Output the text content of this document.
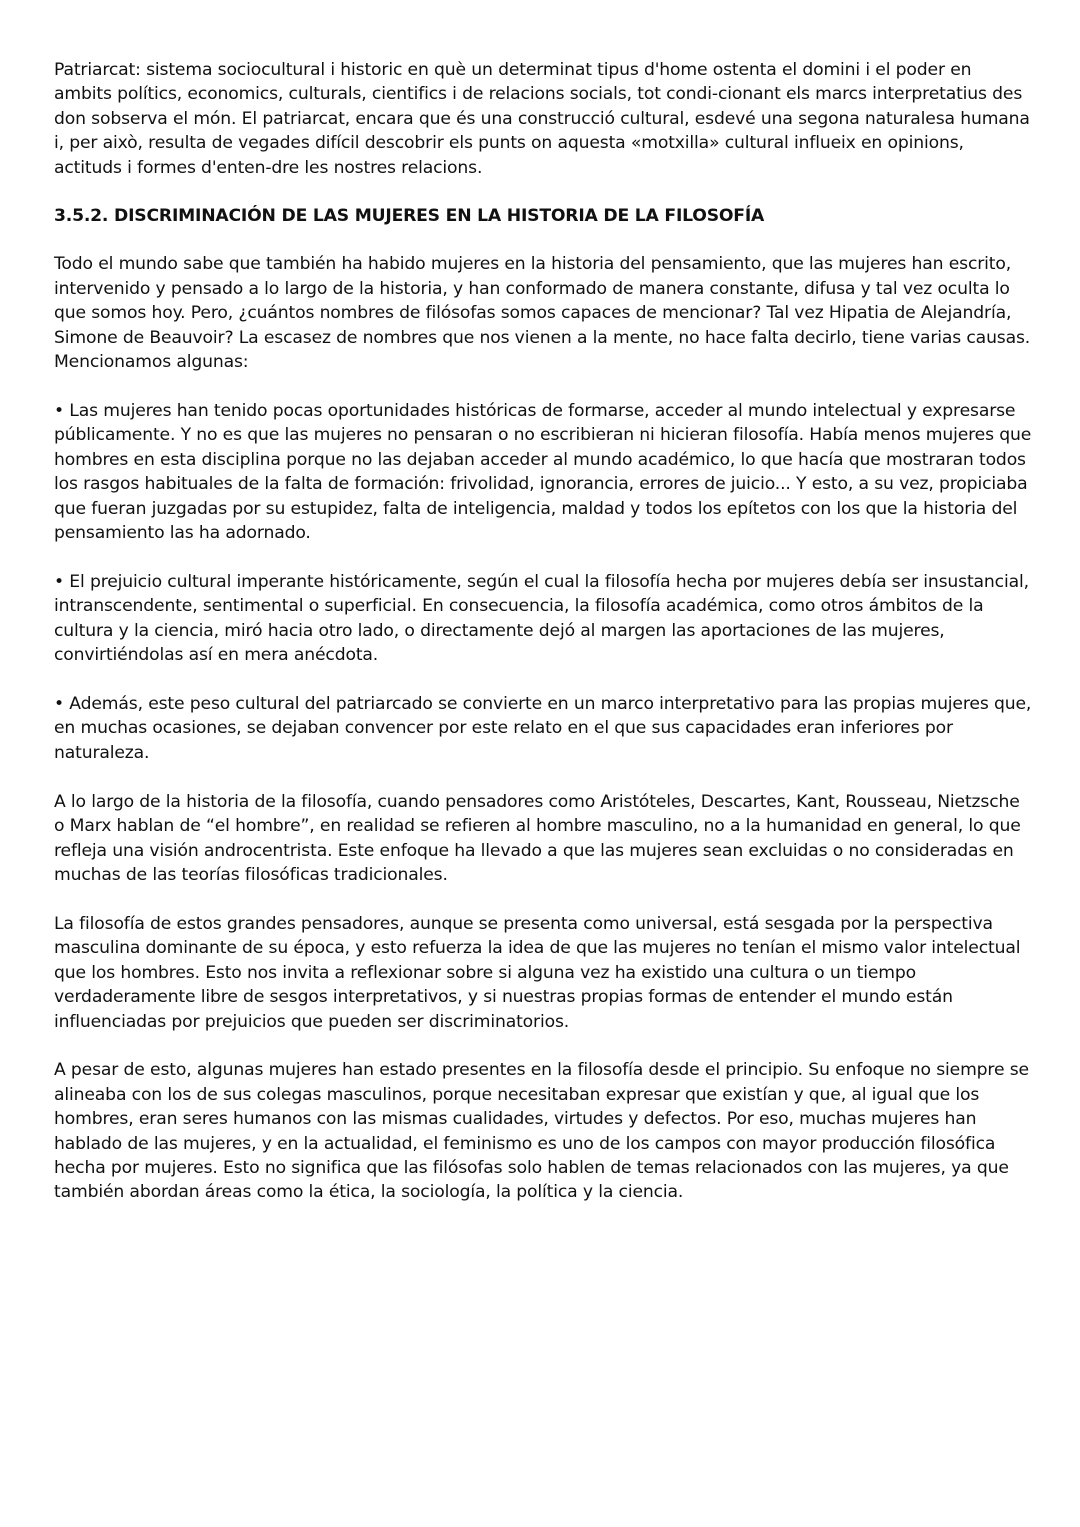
Patriarcat: sistema sociocultural i historic en què un determinat tipus d'home ostenta el domini i el poder en ambits polítics, economics, culturals, cientifics i de relacions socials, tot condi-cionant els marcs interpretatius des don sobserva el món. El patriarcat, encara que és una construcció cultural, esdevé una segona naturalesa humana i, per això, resulta de vegades difícil descobrir els punts on aquesta «motxilla» cultural influeix en opinions, actituds i formes d'enten-dre les nostres relacions.

3.5.2. DISCRIMINACIÓN DE LAS MUJERES EN LA HISTORIA DE LA FILOSOFÍA

Todo el mundo sabe que también ha habido mujeres en la historia del pensamiento, que las mujeres han escrito, intervenido y pensado a lo largo de la historia, y han conformado de manera constante, difusa y tal vez oculta lo que somos hoy. Pero, ¿cuántos nombres de filósofas somos capaces de mencionar? Tal vez Hipatia de Alejandría, Simone de Beauvoir? La escasez de nombres que nos vienen a la mente, no hace falta decirlo, tiene varias causas. Mencionamos algunas:

• Las mujeres han tenido pocas oportunidades históricas de formarse, acceder al mundo intelectual y expresarse públicamente. Y no es que las mujeres no pensaran o no escribieran ni hicieran filosofía. Había menos mujeres que hombres en esta disciplina porque no las dejaban acceder al mundo académico, lo que hacía que mostraran todos los rasgos habituales de la falta de formación: frivolidad, ignorancia, errores de juicio... Y esto, a su vez, propiciaba que fueran juzgadas por su estupidez, falta de inteligencia, maldad y todos los epítetos con los que la historia del pensamiento las ha adornado.

• El prejuicio cultural imperante históricamente, según el cual la filosofía hecha por mujeres debía ser insustancial, intranscendente, sentimental o superficial. En consecuencia, la filosofía académica, como otros ámbitos de la cultura y la ciencia, miró hacia otro lado, o directamente dejó al margen las aportaciones de las mujeres, convirtiéndolas así en mera anécdota.

• Además, este peso cultural del patriarcado se convierte en un marco interpretativo para las propias mujeres que, en muchas ocasiones, se dejaban convencer por este relato en el que sus capacidades eran inferiores por naturaleza.

A lo largo de la historia de la filosofía, cuando pensadores como Aristóteles, Descartes, Kant, Rousseau, Nietzsche o Marx hablan de “el hombre”, en realidad se refieren al hombre masculino, no a la humanidad en general, lo que refleja una visión androcentrista. Este enfoque ha llevado a que las mujeres sean excluidas o no consideradas en muchas de las teorías filosóficas tradicionales.

La filosofía de estos grandes pensadores, aunque se presenta como universal, está sesgada por la perspectiva masculina dominante de su época, y esto refuerza la idea de que las mujeres no tenían el mismo valor intelectual que los hombres. Esto nos invita a reflexionar sobre si alguna vez ha existido una cultura o un tiempo verdaderamente libre de sesgos interpretativos, y si nuestras propias formas de entender el mundo están influenciadas por prejuicios que pueden ser discriminatorios.

A pesar de esto, algunas mujeres han estado presentes en la filosofía desde el principio. Su enfoque no siempre se alineaba con los de sus colegas masculinos, porque necesitaban expresar que existían y que, al igual que los hombres, eran seres humanos con las mismas cualidades, virtudes y defectos. Por eso, muchas mujeres han hablado de las mujeres, y en la actualidad, el feminismo es uno de los campos con mayor producción filosófica hecha por mujeres. Esto no significa que las filósofas solo hablen de temas relacionados con las mujeres, ya que también abordan áreas como la ética, la sociología, la política y la ciencia.
